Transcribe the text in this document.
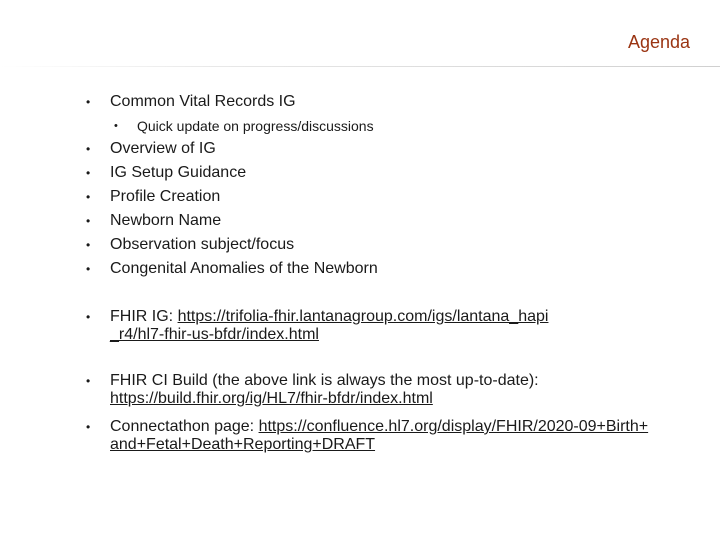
Agenda
• Common Vital Records IG
• Quick update on progress/discussions
• Overview of IG
• IG Setup Guidance
• Profile Creation
• Newborn Name
• Observation subject/focus
• Congenital Anomalies of the Newborn
• FHIR IG: https://trifolia-fhir.lantanagroup.com/igs/lantana_hapi_r4/hl7-fhir-us-bfdr/index.html
• FHIR CI Build (the above link is always the most up-to-date): https://build.fhir.org/ig/HL7/fhir-bfdr/index.html
• Connectathon page: https://confluence.hl7.org/display/FHIR/2020-09+Birth+and+Fetal+Death+Reporting+DRAFT
